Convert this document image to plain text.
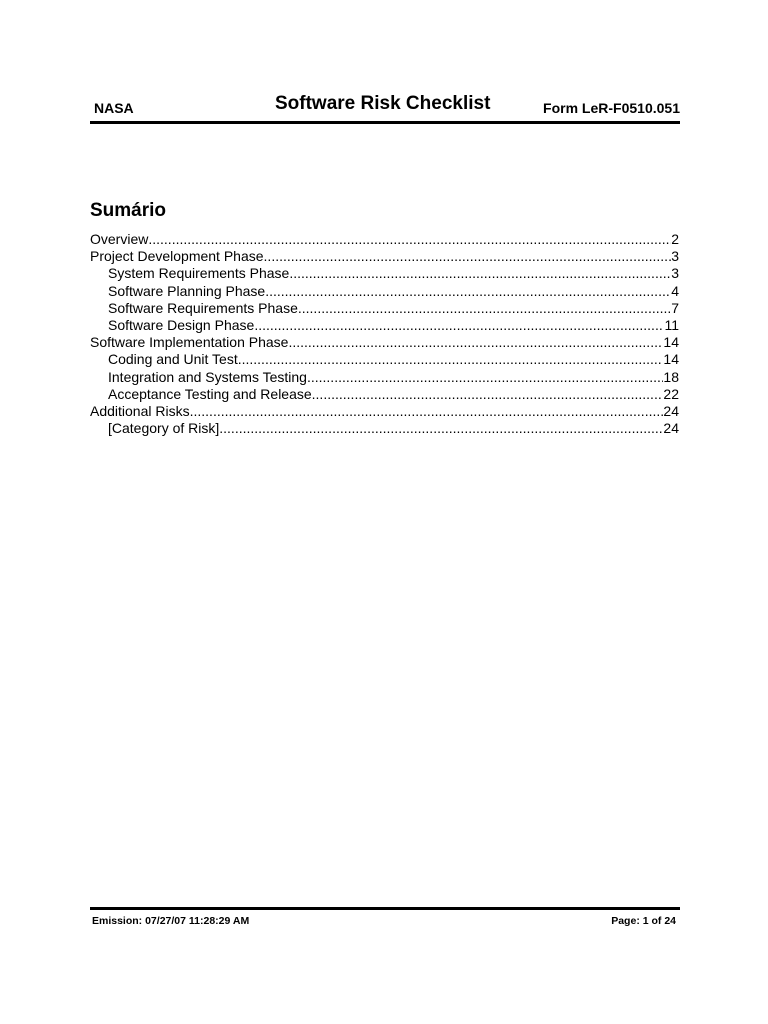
NASA	Software Risk Checklist	Form LeR-F0510.051
Sumário
Overview .....	2
Project Development Phase .....	3
System Requirements Phase .....	3
Software Planning Phase .....	4
Software Requirements Phase .....	7
Software Design Phase .....	11
Software Implementation Phase .....	14
Coding and Unit Test .....	14
Integration and Systems Testing .....	18
Acceptance Testing and Release .....	22
Additional Risks .....	24
[Category of Risk] .....	24
Emission: 07/27/07 11:28:29 AM	Page: 1 of 24
